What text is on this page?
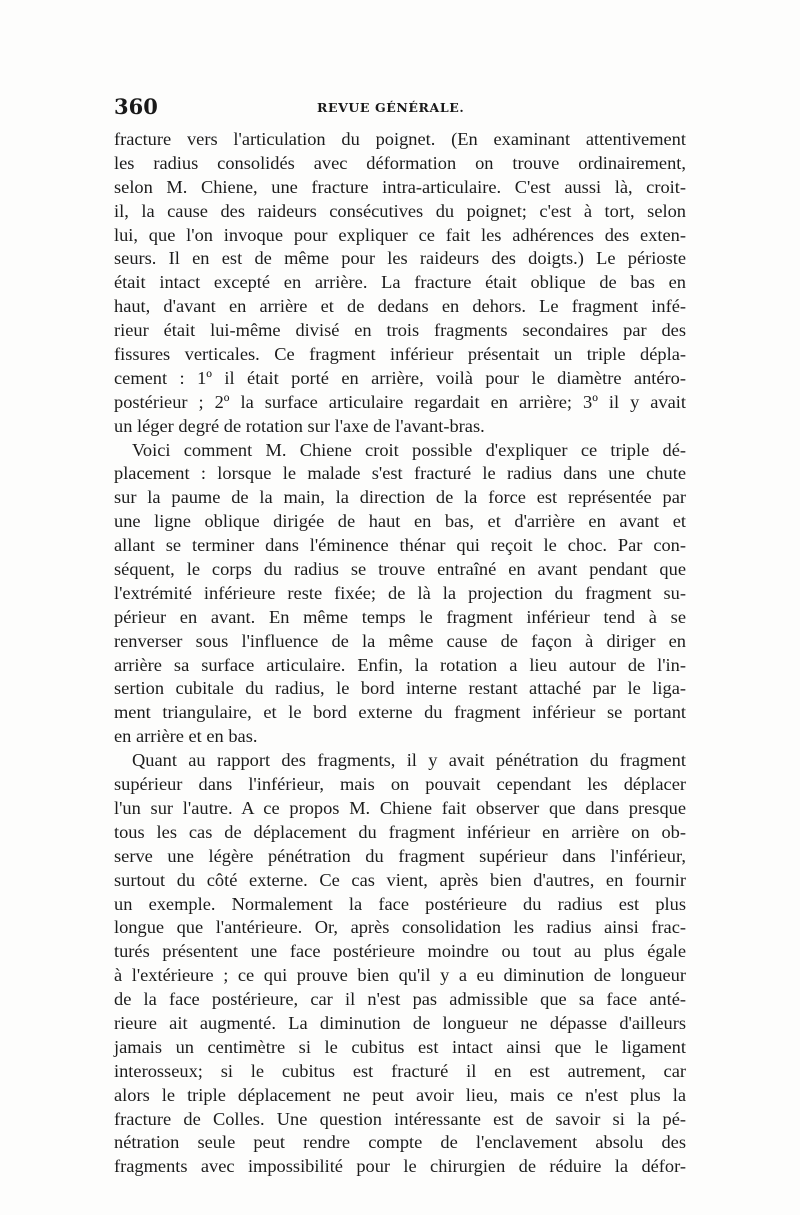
360	REVUE GÉNÉRALE.
fracture vers l'articulation du poignet. (En examinant attentivement
les radius consolidés avec déformation on trouve ordinairement,
selon M. Chiene, une fracture intra-articulaire. C'est aussi là, croit-
il, la cause des raideurs consécutives du poignet; c'est à tort, selon
lui, que l'on invoque pour expliquer ce fait les adhérences des exten-
seurs. Il en est de même pour les raideurs des doigts.) Le périoste
était intact excepté en arrière. La fracture était oblique de bas en
haut, d'avant en arrière et de dedans en dehors. Le fragment infé-
rieur était lui-même divisé en trois fragments secondaires par des
fissures verticales. Ce fragment inférieur présentait un triple dépla-
cement : 1º il était porté en arrière, voilà pour le diamètre antéro-
postérieur ; 2º la surface articulaire regardait en arrière; 3º il y avait
un léger degré de rotation sur l'axe de l'avant-bras.
Voici comment M. Chiene croit possible d'expliquer ce triple dé-
placement : lorsque le malade s'est fracturé le radius dans une chute
sur la paume de la main, la direction de la force est représentée par
une ligne oblique dirigée de haut en bas, et d'arrière en avant et
allant se terminer dans l'éminence thénar qui reçoit le choc. Par con-
séquent, le corps du radius se trouve entraîné en avant pendant que
l'extrémité inférieure reste fixée; de là la projection du fragment su-
périeur en avant. En même temps le fragment inférieur tend à se
renverser sous l'influence de la même cause de façon à diriger en
arrière sa surface articulaire. Enfin, la rotation a lieu autour de l'in-
sertion cubitale du radius, le bord interne restant attaché par le liga-
ment triangulaire, et le bord externe du fragment inférieur se portant
en arrière et en bas.
Quant au rapport des fragments, il y avait pénétration du fragment
supérieur dans l'inférieur, mais on pouvait cependant les déplacer
l'un sur l'autre. A ce propos M. Chiene fait observer que dans presque
tous les cas de déplacement du fragment inférieur en arrière on ob-
serve une légère pénétration du fragment supérieur dans l'inférieur,
surtout du côté externe. Ce cas vient, après bien d'autres, en fournir
un exemple. Normalement la face postérieure du radius est plus
longue que l'antérieure. Or, après consolidation les radius ainsi frac-
turés présentent une face postérieure moindre ou tout au plus égale
à l'extérieure ; ce qui prouve bien qu'il y a eu diminution de longueur
de la face postérieure, car il n'est pas admissible que sa face anté-
rieure ait augmenté. La diminution de longueur ne dépasse d'ailleurs
jamais un centimètre si le cubitus est intact ainsi que le ligament
interosseux; si le cubitus est fracturé il en est autrement, car
alors le triple déplacement ne peut avoir lieu, mais ce n'est plus la
fracture de Colles. Une question intéressante est de savoir si la pé-
nétration seule peut rendre compte de l'enclavement absolu des
fragments avec impossibilité pour le chirurgien de réduire la défor-
